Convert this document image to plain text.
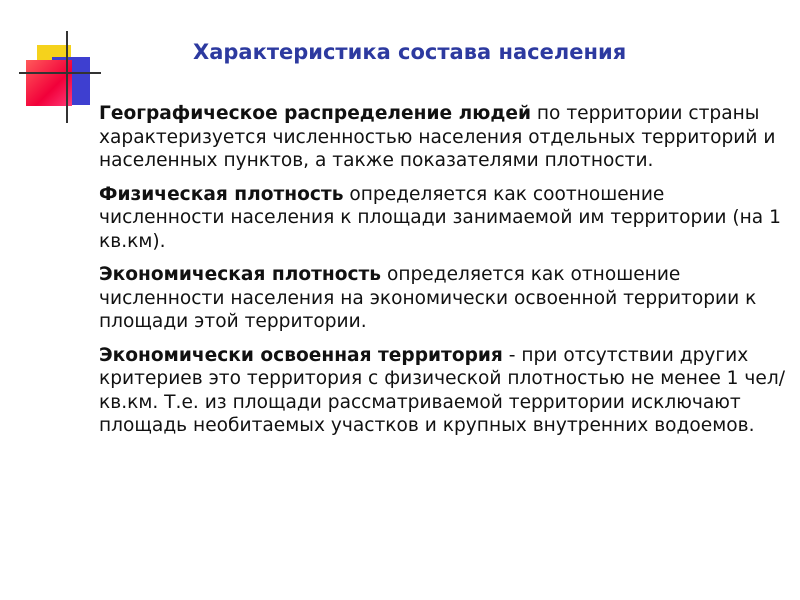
Характеристика состава населения

Географическое распределение людей по территории страны характеризуется численностью населения отдельных территорий и населенных пунктов, а также показателями плотности.

Физическая плотность определяется как соотношение численности населения к площади занимаемой им территории (на 1 кв.км).

Экономическая плотность определяется как отношение численности населения на экономически освоенной территории к площади этой территории.

Экономически освоенная территория - при отсутствии других критериев это территория с физической плотностью не менее 1 чел/кв.км. Т.е. из площади рассматриваемой территории исключают площадь необитаемых участков и крупных внутренних водоемов.
